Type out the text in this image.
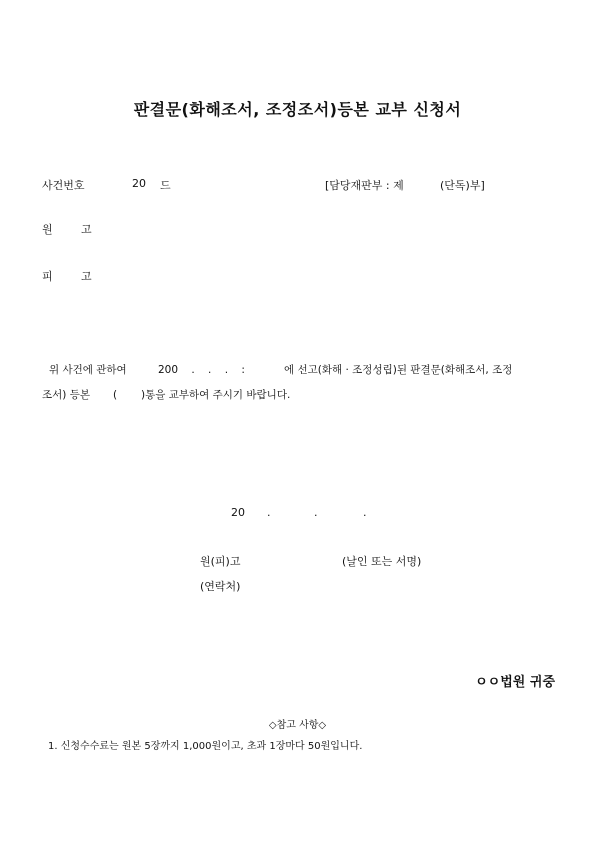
판결문(화해조서, 조정조서)등본 교부 신청서
사건번호	20 드	[담당재판부 : 제	(단독)부]
원	고
피	고
위 사건에 관하여	200 . . . :	에 선고(화해 · 조정성립)된 판결문(화해조서, 조정
조서) 등본 ( )통을 교부하여 주시기 바랍니다.
20 .	.	.
원(피)고	(날인 또는 서명)
(연락처)
ㅇㅇ법원 귀중
◇참고 사항◇
1. 신청수수료는 원본 5장까지 1,000원이고, 초과 1장마다 50원입니다.
